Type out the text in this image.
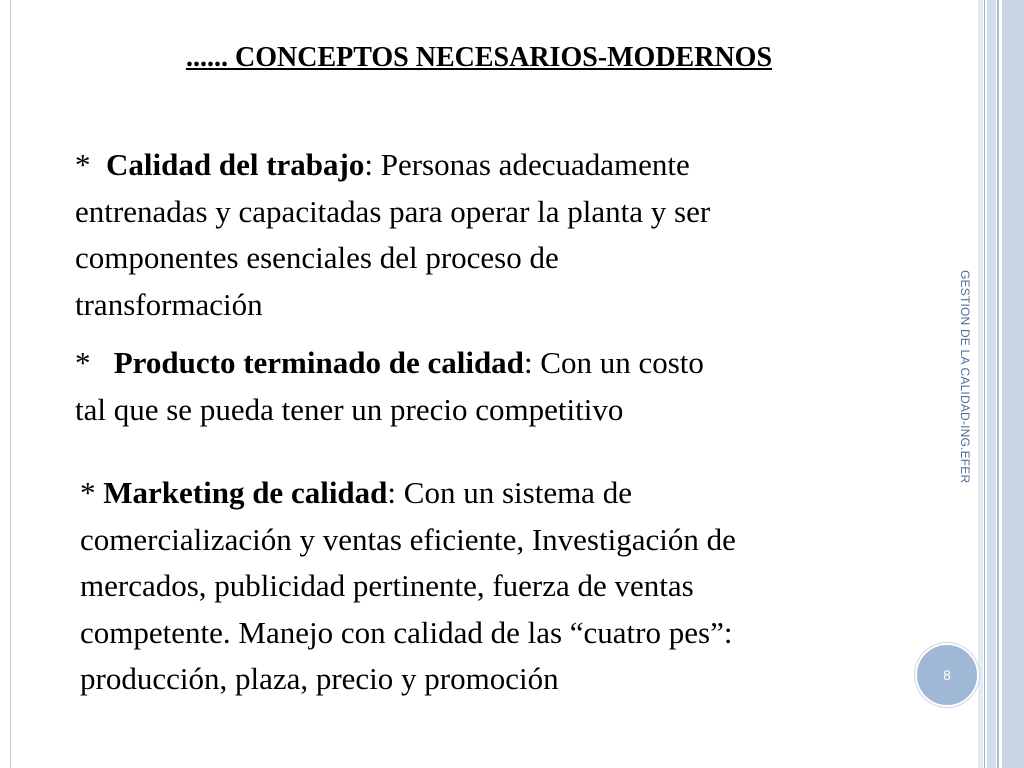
...... CONCEPTOS NECESARIOS-MODERNOS

* Calidad del trabajo: Personas adecuadamente
entrenadas y capacitadas para operar la planta y ser
componentes esenciales del proceso de
transformación

* Producto terminado de calidad: Con un costo
tal que se pueda tener un precio competitivo

* Marketing de calidad: Con un sistema de
comercialización y ventas eficiente, Investigación de
mercados, publicidad pertinente, fuerza de ventas
competente. Manejo con calidad de las “cuatro pes”:
producción, plaza, precio y promoción

GESTION DE LA CALIDAD-ING.EFER
8
